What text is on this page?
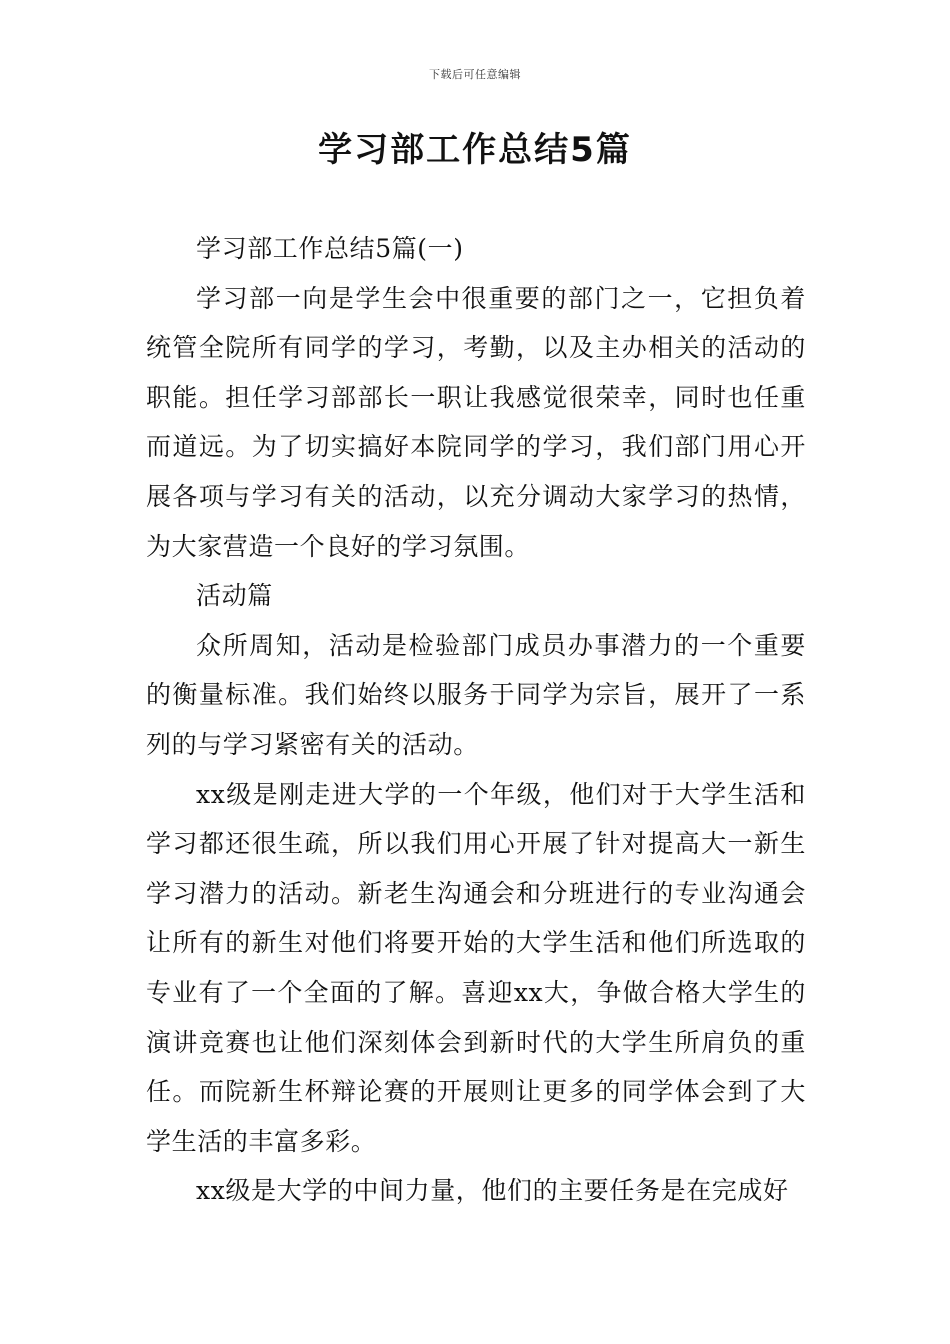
下载后可任意编辑
学习部工作总结5篇

学习部工作总结5篇(一)

学习部一向是学生会中很重要的部门之一，它担负着统管全院所有同学的学习，考勤，以及主办相关的活动的职能。担任学习部部长一职让我感觉很荣幸，同时也任重而道远。为了切实搞好本院同学的学习，我们部门用心开展各项与学习有关的活动，以充分调动大家学习的热情，为大家营造一个良好的学习氛围。

活动篇

众所周知，活动是检验部门成员办事潜力的一个重要的衡量标准。我们始终以服务于同学为宗旨，展开了一系列的与学习紧密有关的活动。

xx级是刚走进大学的一个年级，他们对于大学生活和学习都还很生疏，所以我们用心开展了针对提高大一新生学习潜力的活动。新老生沟通会和分班进行的专业沟通会让所有的新生对他们将要开始的大学生活和他们所选取的专业有了一个全面的了解。喜迎xx大，争做合格大学生的演讲竞赛也让他们深刻体会到新时代的大学生所肩负的重任。而院新生杯辩论赛的开展则让更多的同学体会到了大学生活的丰富多彩。

xx级是大学的中间力量，他们的主要任务是在完成好
